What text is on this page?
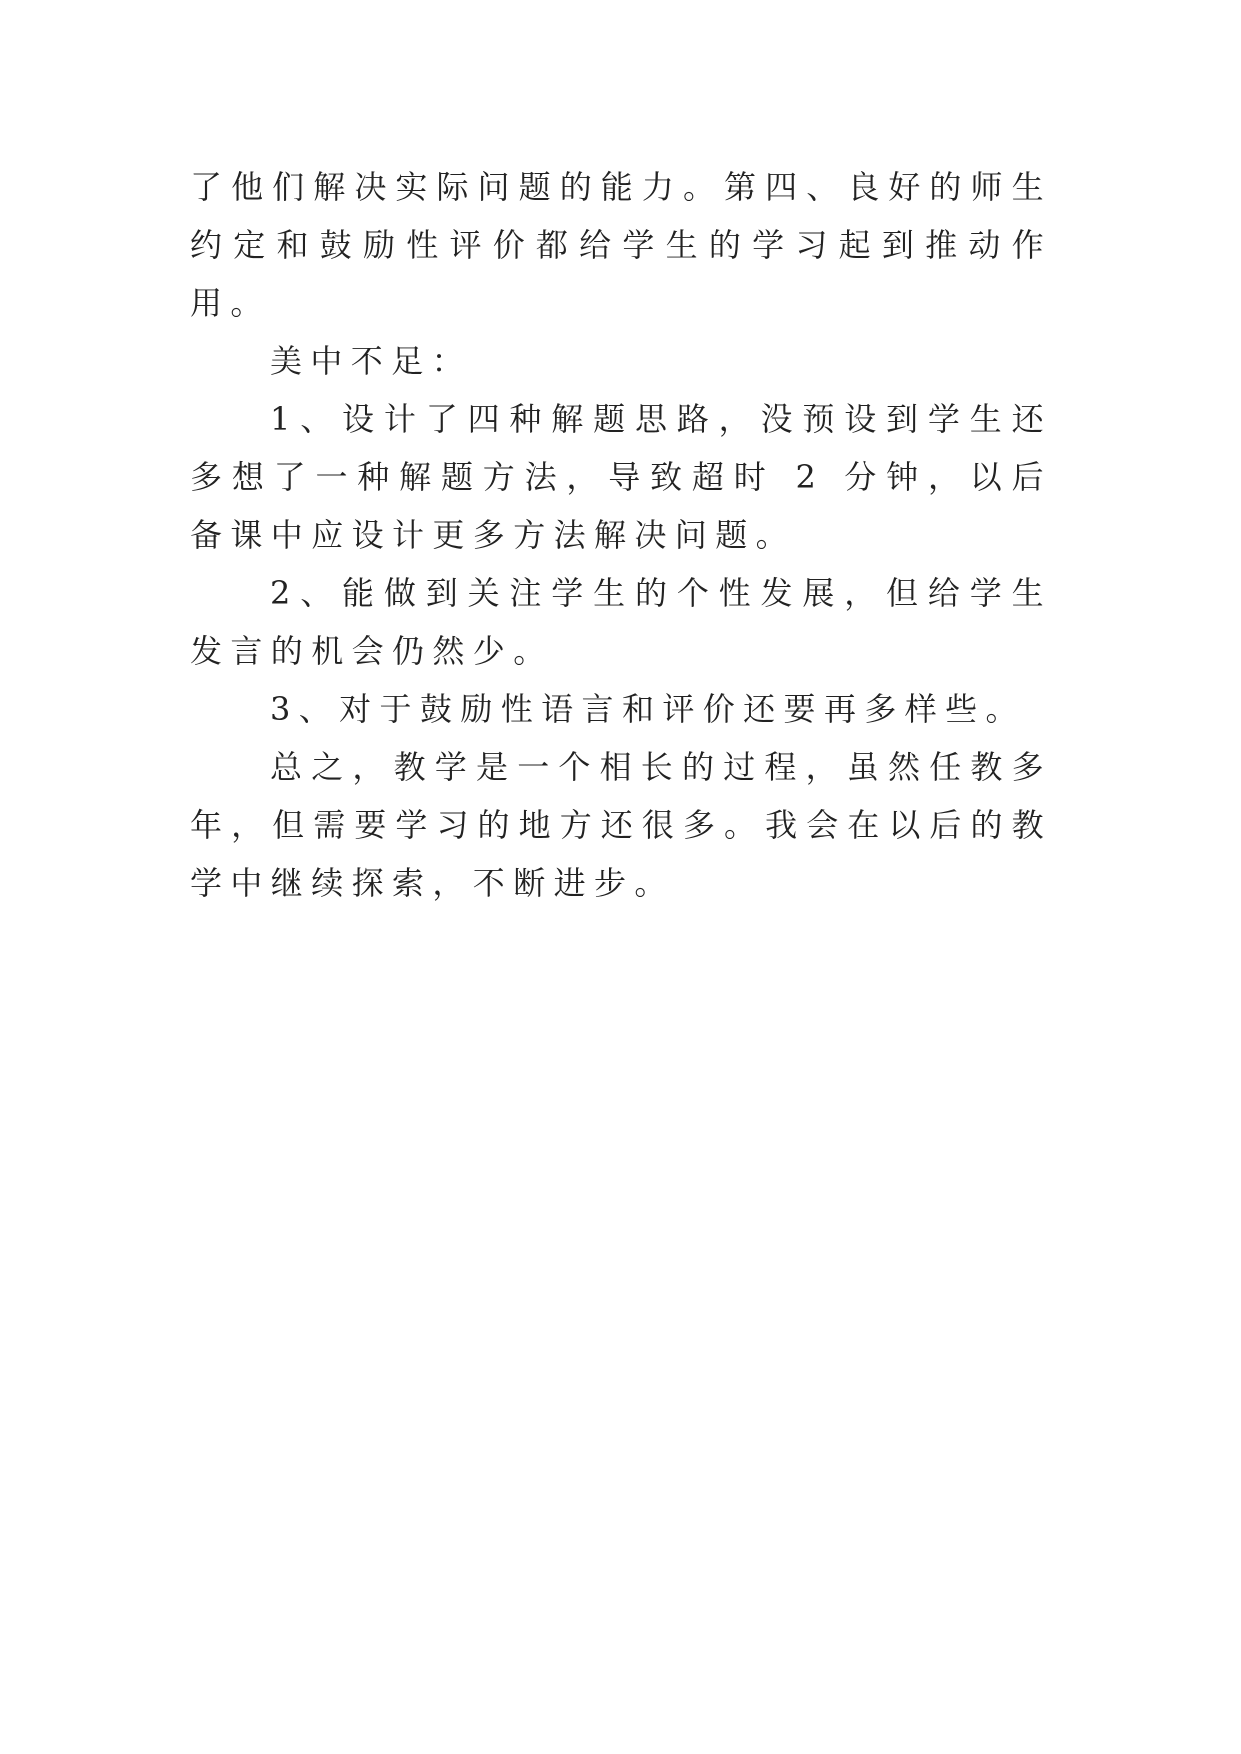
了他们解决实际问题的能力。第四、良好的师生约定和鼓励性评价都给学生的学习起到推动作用。

美中不足：

1、设计了四种解题思路，没预设到学生还多想了一种解题方法，导致超时 2 分钟，以后备课中应设计更多方法解决问题。

2、能做到关注学生的个性发展，但给学生发言的机会仍然少。

3、对于鼓励性语言和评价还要再多样些。

总之，教学是一个相长的过程，虽然任教多年，但需要学习的地方还很多。我会在以后的教学中继续探索，不断进步。
